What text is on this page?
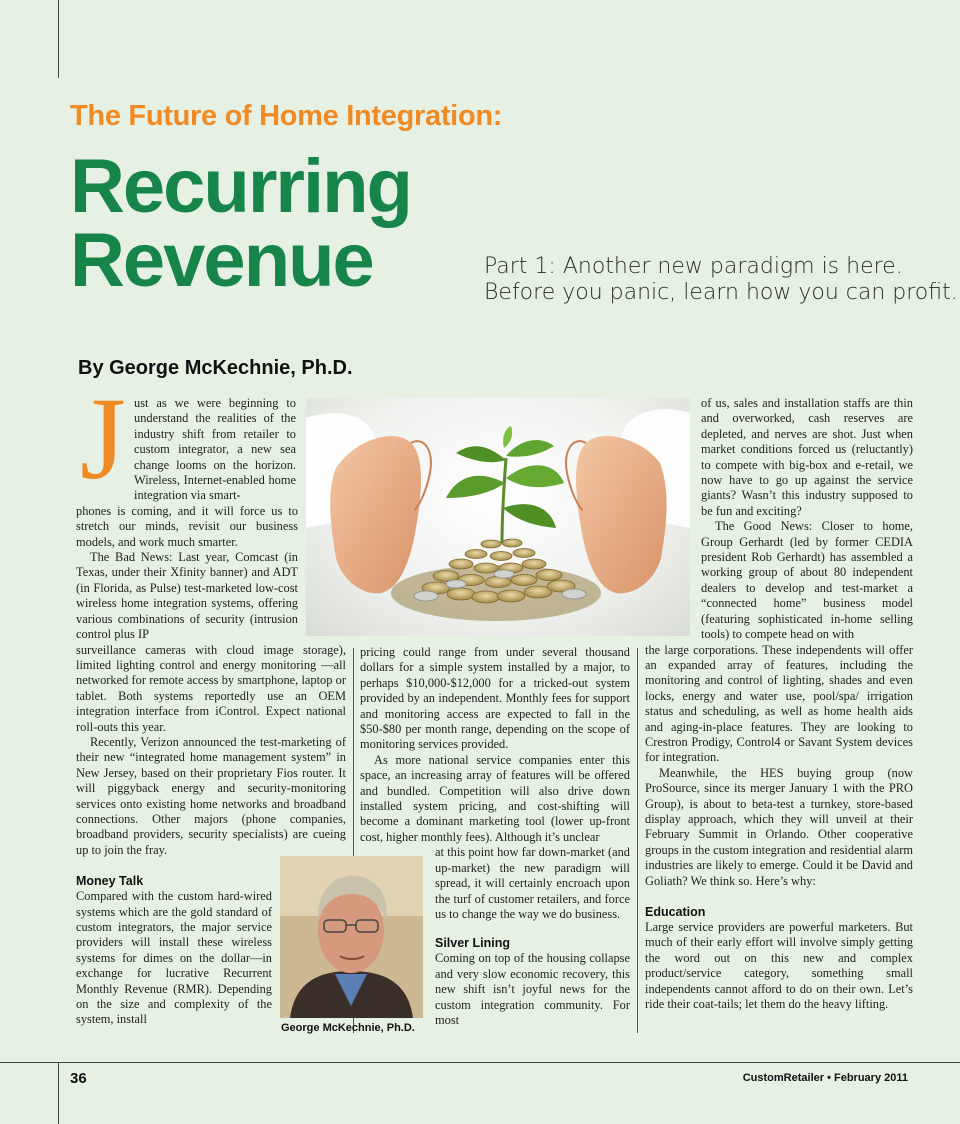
The Future of Home Integration:
Recurring
Revenue	Part 1: Another new paradigm is here.
Before you panic, learn how you can profit.

By George McKechnie, Ph.D.

J ust as we were beginning to understand the realities of the industry shift from retailer to custom integrator, a new sea change looms on the horizon. Wireless, Internet-enabled home integration via smart-

phones is coming, and it will force us to stretch our minds, revisit our business models, and work much smarter.

The Bad News: Last year, Comcast (in Texas, under their Xfinity banner) and ADT (in Florida, as Pulse) test-marketed low-cost wireless home integration systems, offering various combinations of security (intrusion control plus IP

surveillance cameras with cloud image storage), limited lighting control and energy monitoring —all networked for remote access by smartphone, laptop or tablet. Both systems reportedly use an OEM integration interface from iControl. Expect national roll-outs this year.

Recently, Verizon announced the test-marketing of their new “integrated home management system” in New Jersey, based on their proprietary Fios router. It will piggyback energy and security-monitoring services onto existing home networks and broadband connections. Other majors (phone companies, broadband providers, security specialists) are cueing up to join the fray.

Money Talk

Compared with the custom hard-wired systems which are the gold standard of custom integrators, the major service providers will install these wireless systems for dimes on the dollar—in exchange for lucrative Recurrent Monthly Revenue (RMR). Depending on the size and complexity of the system, install

pricing could range from under several thousand dollars for a simple system installed by a major, to perhaps $10,000-$12,000 for a tricked-out system provided by an independent. Monthly fees for support and monitoring access are expected to fall in the $50-$80 per month range, depending on the scope of monitoring services provided.

As more national service companies enter this space, an increasing array of features will be offered and bundled. Competition will also drive down installed system pricing, and cost-shifting will become a dominant marketing tool (lower up-front cost, higher monthly fees). Although it’s unclear

at this point how far down-market (and up-market) the new paradigm will spread, it will certainly encroach upon the turf of customer retailers, and force us to change the way we do business.

Silver Lining

Coming on top of the housing collapse and very slow economic recovery, this new shift isn’t joyful news for the custom integration community. For most

George McKechnie, Ph.D.

of us, sales and installation staffs are thin and overworked, cash reserves are depleted, and nerves are shot. Just when market conditions forced us (reluctantly) to compete with big-box and e-retail, we now have to go up against the service giants? Wasn’t this industry supposed to be fun and exciting?

The Good News: Closer to home, Group Gerhardt (led by former CEDIA president Rob Gerhardt) has assembled a working group of about 80 independent dealers to develop and test-market a “connected home” business model (featuring sophisticated in-home selling tools) to compete head on with

the large corporations. These independents will offer an expanded array of features, including the monitoring and control of lighting, shades and even locks, energy and water use, pool/spa/ irrigation status and scheduling, as well as home health aids and aging-in-place features. They are looking to Crestron Prodigy, Control4 or Savant System devices for integration.

Meanwhile, the HES buying group (now ProSource, since its merger January 1 with the PRO Group), is about to beta-test a turnkey, store-based display approach, which they will unveil at their February Summit in Orlando. Other cooperative groups in the custom integration and residential alarm industries are likely to emerge. Could it be David and Goliath? We think so. Here’s why:

Education

Large service providers are powerful marketers. But much of their early effort will involve simply getting the word out on this new and complex product/service category, something small independents cannot afford to do on their own. Let’s ride their coat-tails; let them do the heavy lifting.

36	CustomRetailer • February 2011
